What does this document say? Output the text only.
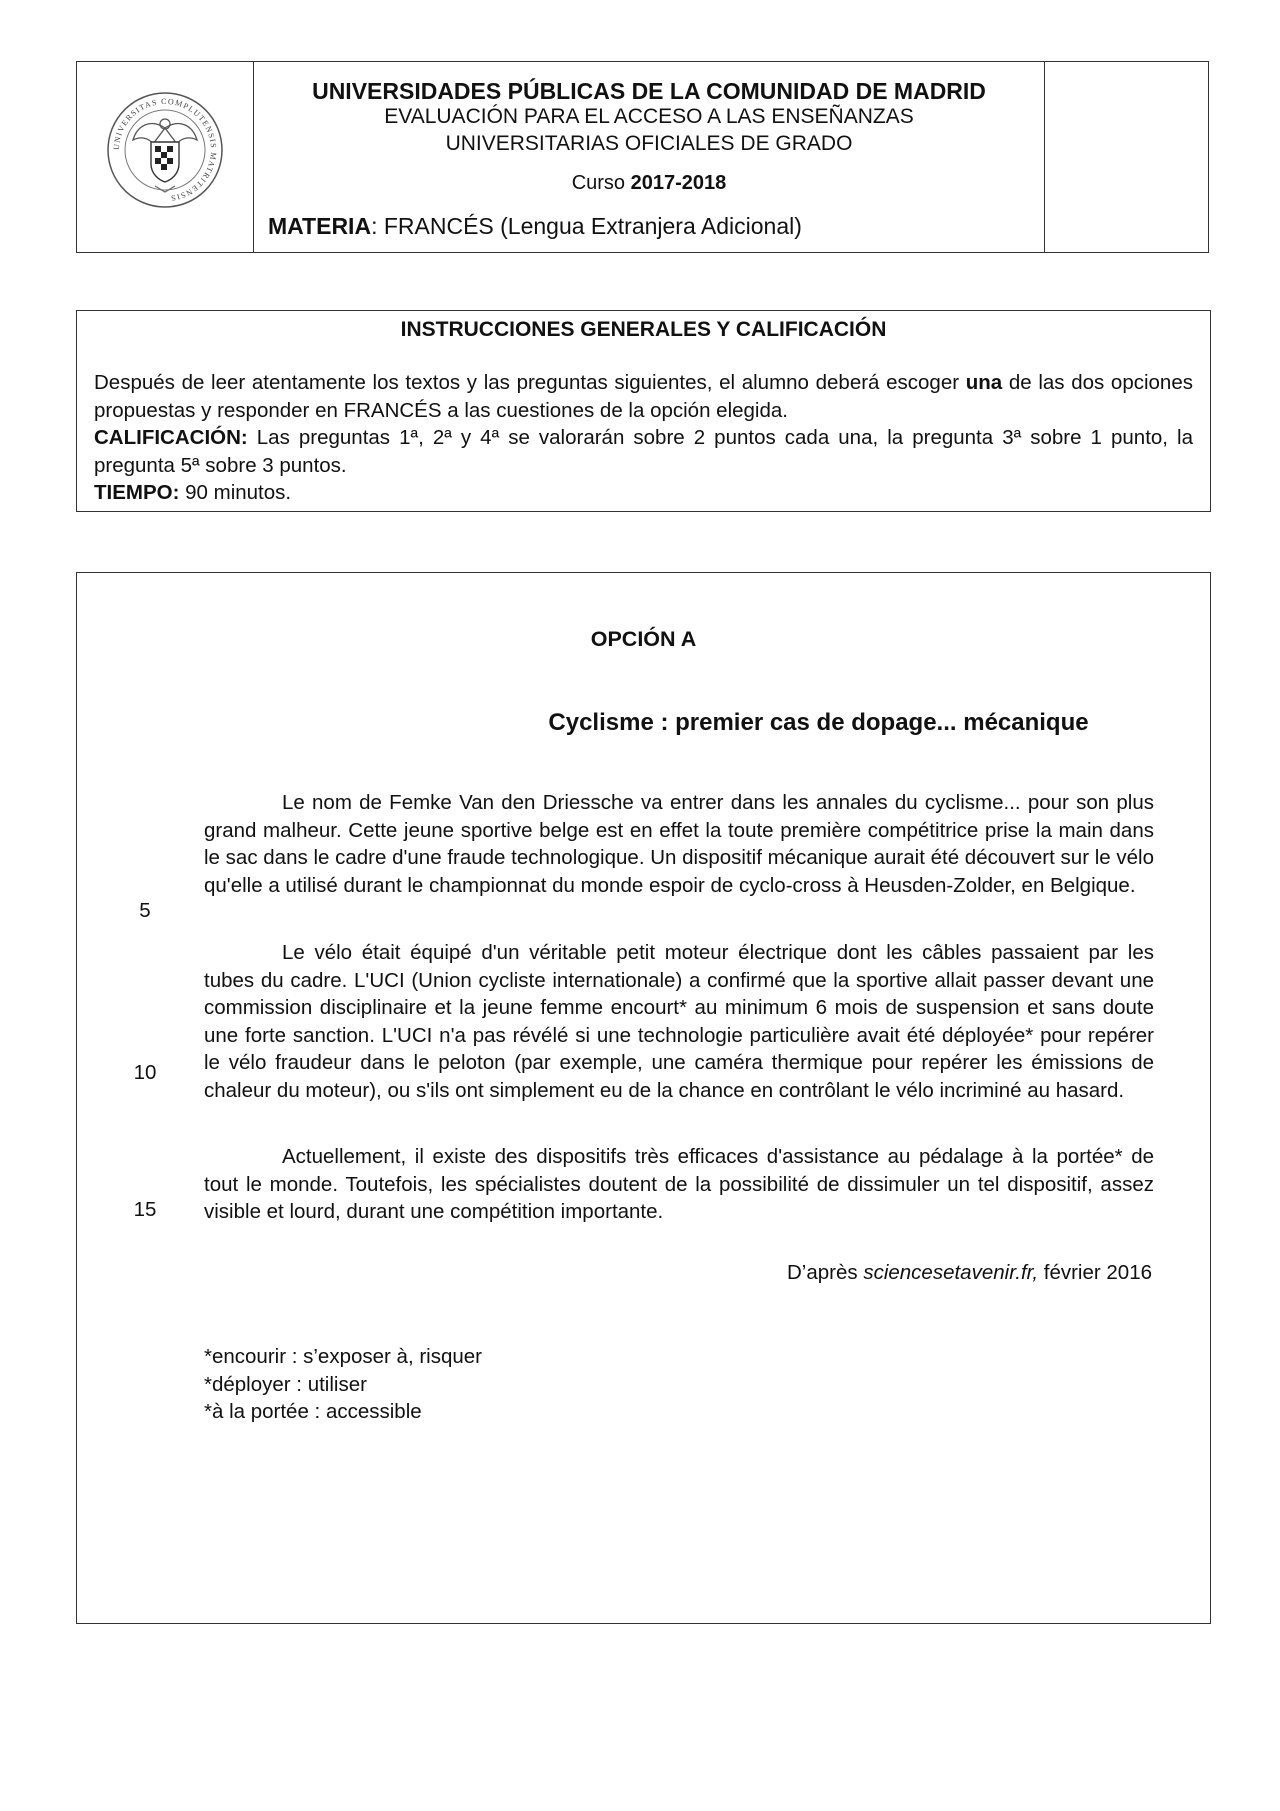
UNIVERSITAS COMPLUTENSIS MATRITENSIS
UNIVERSIDADES PÚBLICAS DE LA COMUNIDAD DE MADRID
EVALUACIÓN PARA EL ACCESO A LAS ENSEÑANZAS
UNIVERSITARIAS OFICIALES DE GRADO
Curso 2017-2018
MATERIA: FRANCÉS (Lengua Extranjera Adicional)
INSTRUCCIONES GENERALES Y CALIFICACIÓN

Después de leer atentamente los textos y las preguntas siguientes, el alumno deberá escoger una de las dos opciones propuestas y responder en FRANCÉS a las cuestiones de la opción elegida.

CALIFICACIÓN: Las preguntas 1ª, 2ª y 4ª se valorarán sobre 2 puntos cada una, la pregunta 3ª sobre 1 punto, la pregunta 5ª sobre 3 puntos.

TIEMPO: 90 minutos.

OPCIÓN A
Cyclisme : premier cas de dopage... mécanique

Le nom de Femke Van den Driessche va entrer dans les annales du cyclisme... pour son plus grand malheur. Cette jeune sportive belge est en effet la toute première compétitrice prise la main dans le sac dans le cadre d'une fraude technologique. Un dispositif mécanique aurait été découvert sur le vélo qu'elle a utilisé durant le championnat du monde espoir de cyclo-cross à Heusden-Zolder, en Belgique.

Le vélo était équipé d'un véritable petit moteur électrique dont les câbles passaient par les tubes du cadre. L'UCI (Union cycliste internationale) a confirmé que la sportive allait passer devant une commission disciplinaire et la jeune femme encourt* au minimum 6 mois de suspension et sans doute une forte sanction. L'UCI n'a pas révélé si une technologie particulière avait été déployée* pour repérer le vélo fraudeur dans le peloton (par exemple, une caméra thermique pour repérer les émissions de chaleur du moteur), ou s'ils ont simplement eu de la chance en contrôlant le vélo incriminé au hasard.

Actuellement, il existe des dispositifs très efficaces d'assistance au pédalage à la portée* de tout le monde. Toutefois, les spécialistes doutent de la possibilité de dissimuler un tel dispositif, assez visible et lourd, durant une compétition importante.

5
10
15
D’après sciencesetavenir.fr, février 2016
*encourir : s’exposer à, risquer
*déployer : utiliser
*à la portée : accessible
